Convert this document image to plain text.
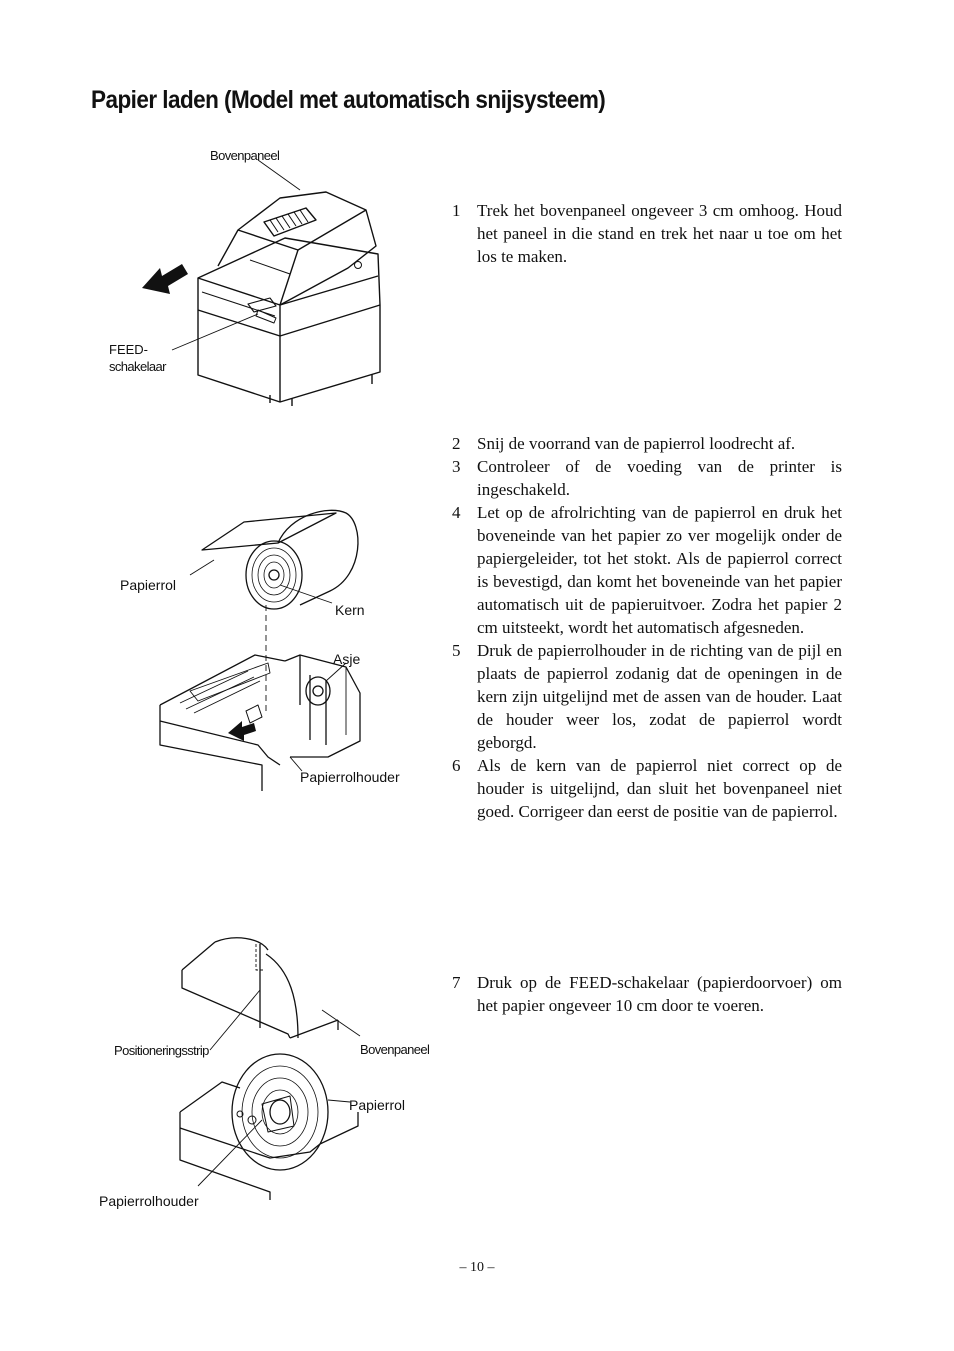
Papier laden (Model met automatisch snijsysteem)
Bovenpaneel
FEED-
schakelaar
Papierrol
Kern
Asje
Papierrolhouder
Positioneringsstrip	Bovenpaneel
Papierrol
Papierrolhouder
1 Trek het bovenpaneel ongeveer 3 cm omhoog. Houd het paneel in die stand en trek het naar u toe om het los te maken.
2 Snij de voorrand van de papierrol loodrecht af.
3 Controleer of de voeding van de printer is ingeschakeld.
4 Let op de afrolrichting van de papierrol en druk het boveneinde van het papier zo ver mogelijk onder de papiergeleider, tot het stokt. Als de papierrol correct is bevestigd, dan komt het boveneinde van het papier automatisch uit de papieruitvoer. Zodra het papier 2 cm uitsteekt, wordt het automatisch afgesneden.
5 Druk de papierrolhouder in de richting van de pijl en plaats de papierrol zodanig dat de openingen in de kern zijn uitgelijnd met de assen van de houder. Laat de houder weer los, zodat de papierrol wordt geborgd.
6 Als de kern van de papierrol niet correct op de houder is uitgelijnd, dan sluit het bovenpaneel niet goed. Corrigeer dan eerst de positie van de papierrol.
7 Druk op de FEED-schakelaar (papierdoorvoer) om het papier ongeveer 10 cm door te voeren.
– 10 –
